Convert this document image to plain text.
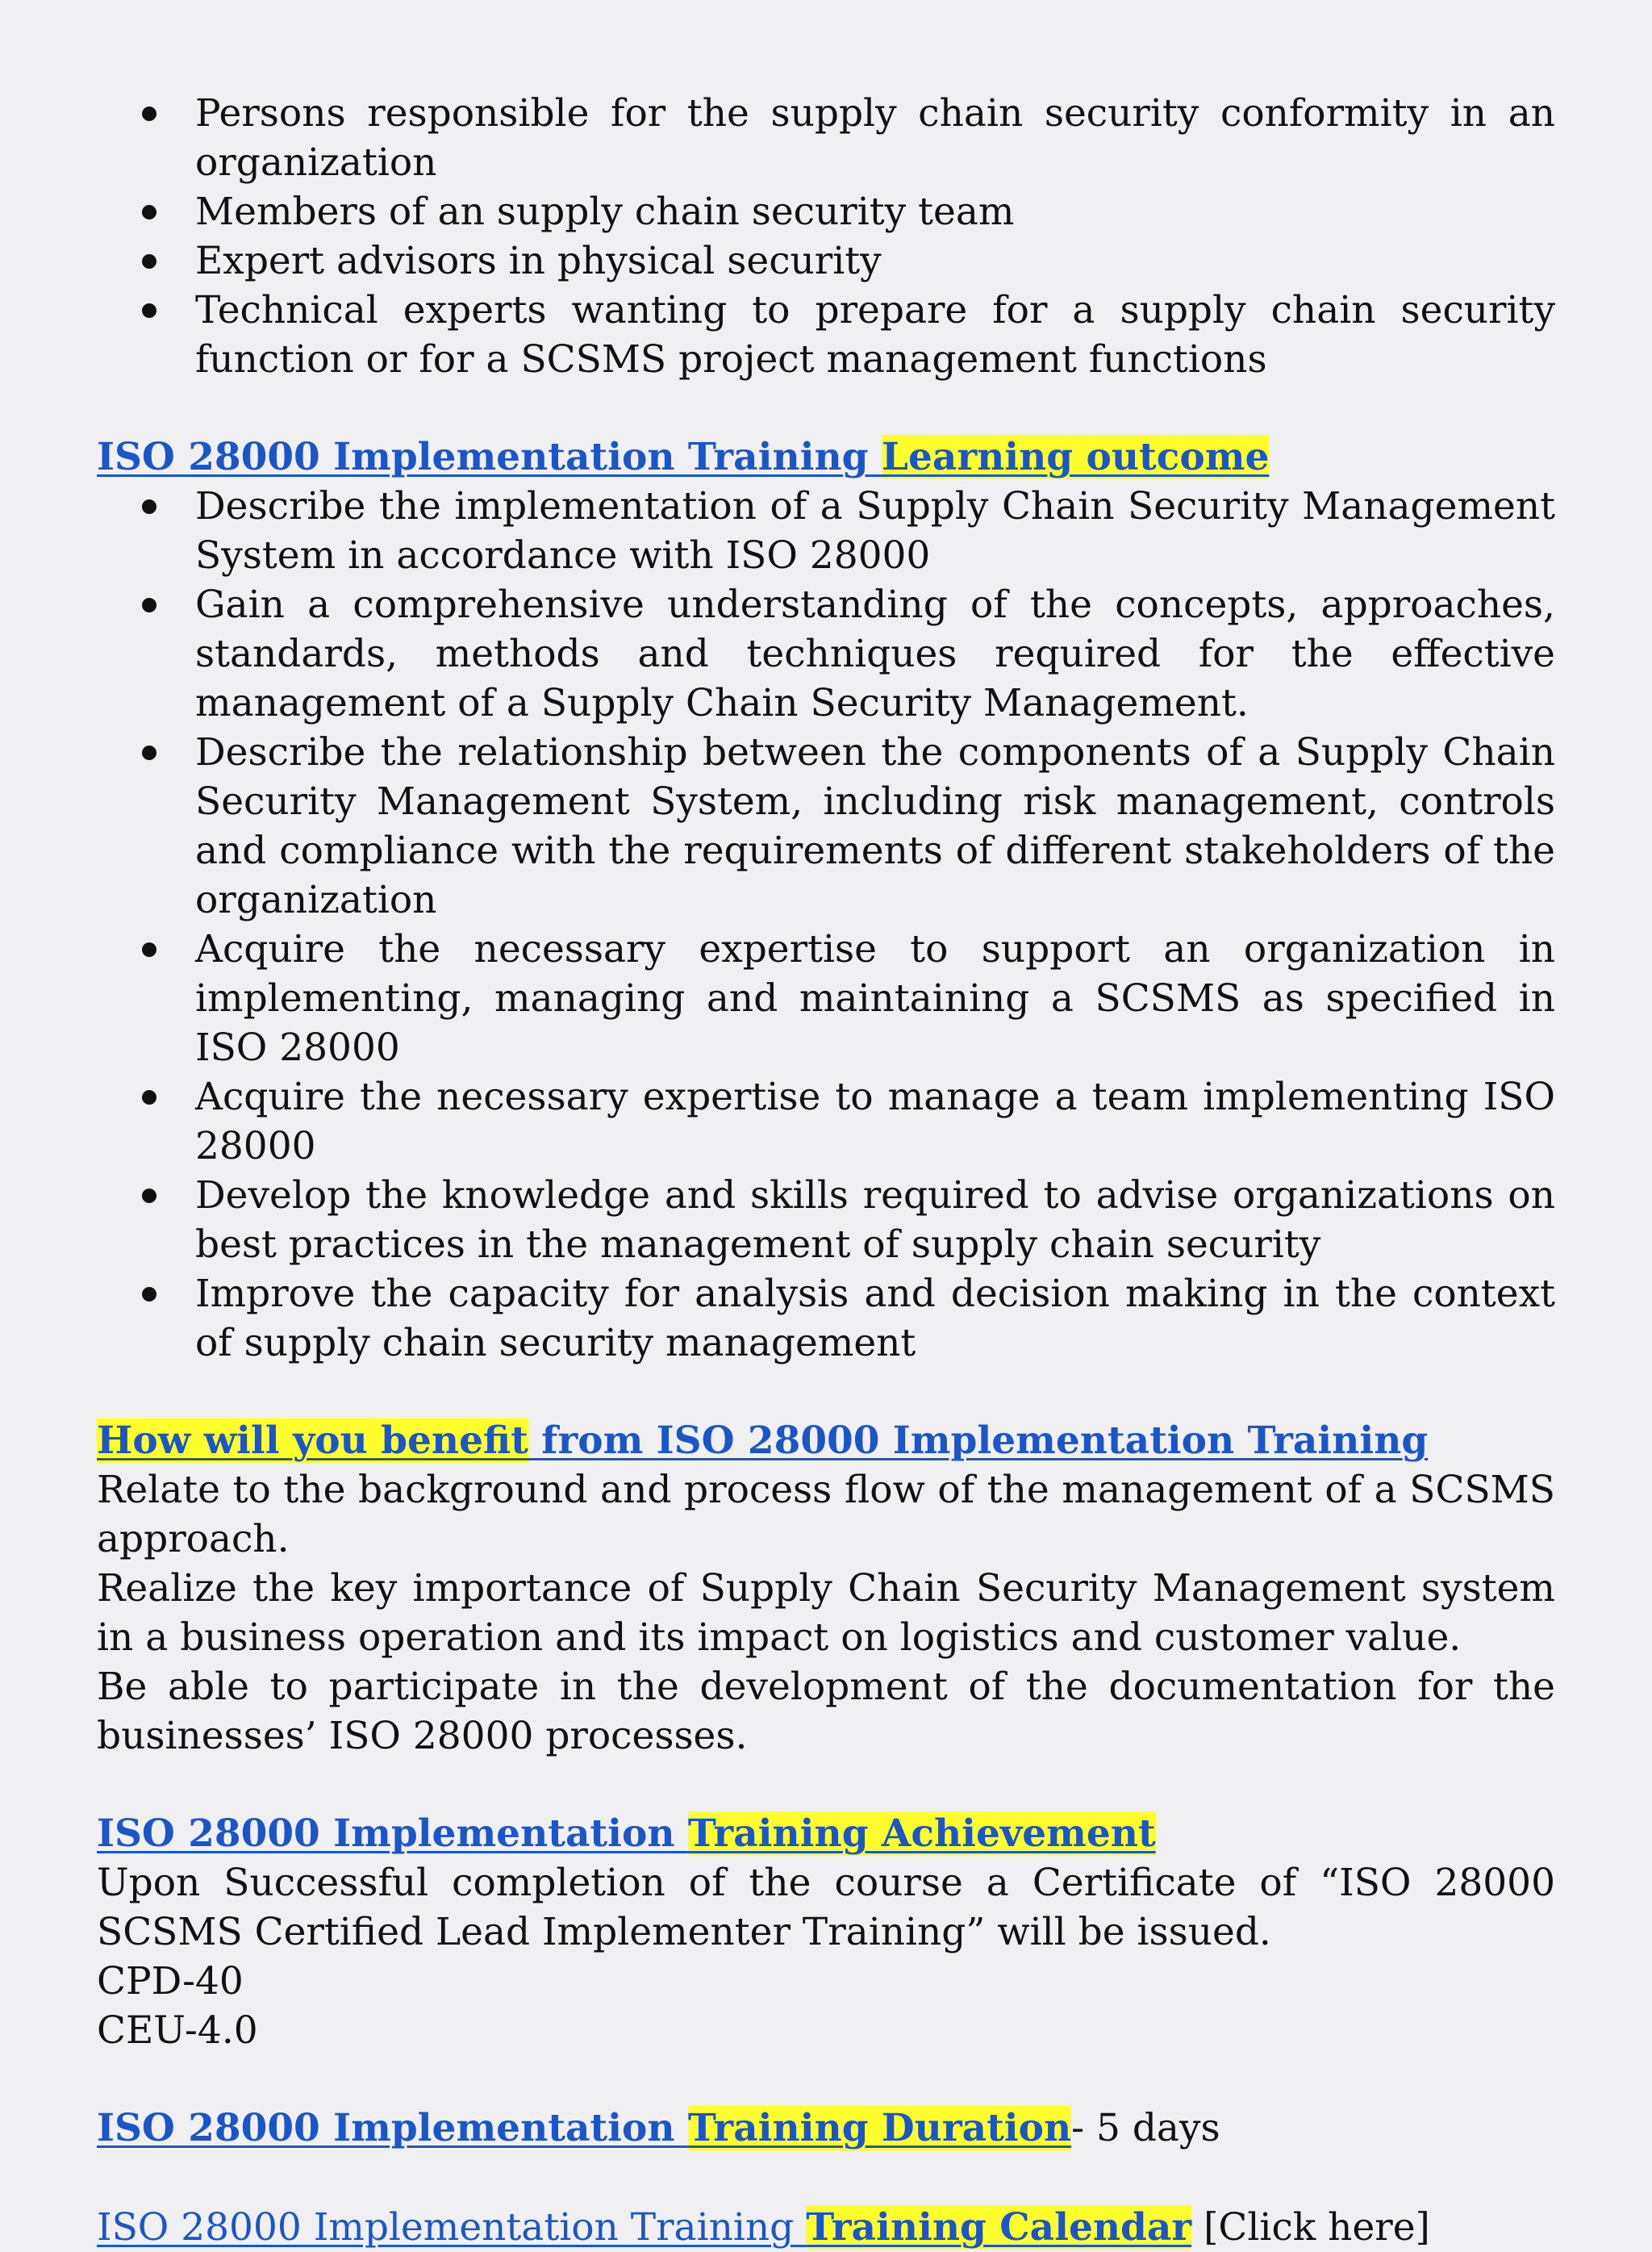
Persons responsible for the supply chain security conformity in an organization
Members of an supply chain security team
Expert advisors in physical security
Technical experts wanting to prepare for a supply chain security function or for a SCSMS project management functions

ISO 28000 Implementation Training Learning outcome

Describe the implementation of a Supply Chain Security Management System in accordance with ISO 28000
Gain a comprehensive understanding of the concepts, approaches, standards, methods and techniques required for the effective management of a Supply Chain Security Management.
Describe the relationship between the components of a Supply Chain Security Management System, including risk management, controls and compliance with the requirements of different stakeholders of the organization
Acquire the necessary expertise to support an organization in implementing, managing and maintaining a SCSMS as specified in ISO 28000
Acquire the necessary expertise to manage a team implementing ISO 28000
Develop the knowledge and skills required to advise organizations on best practices in the management of supply chain security
Improve the capacity for analysis and decision making in the context of supply chain security management

How will you benefit from ISO 28000 Implementation Training

Relate to the background and process flow of the management of a SCSMS approach.

Realize the key importance of Supply Chain Security Management system in a business operation and its impact on logistics and customer value.

Be able to participate in the development of the documentation for the businesses’ ISO 28000 processes.

ISO 28000 Implementation Training Achievement

Upon Successful completion of the course a Certificate of “ISO 28000 SCSMS Certified Lead Implementer Training” will be issued.

CPD-40

CEU-4.0

ISO 28000 Implementation Training Duration- 5 days

ISO 28000 Implementation Training Training Calendar [Click here]
